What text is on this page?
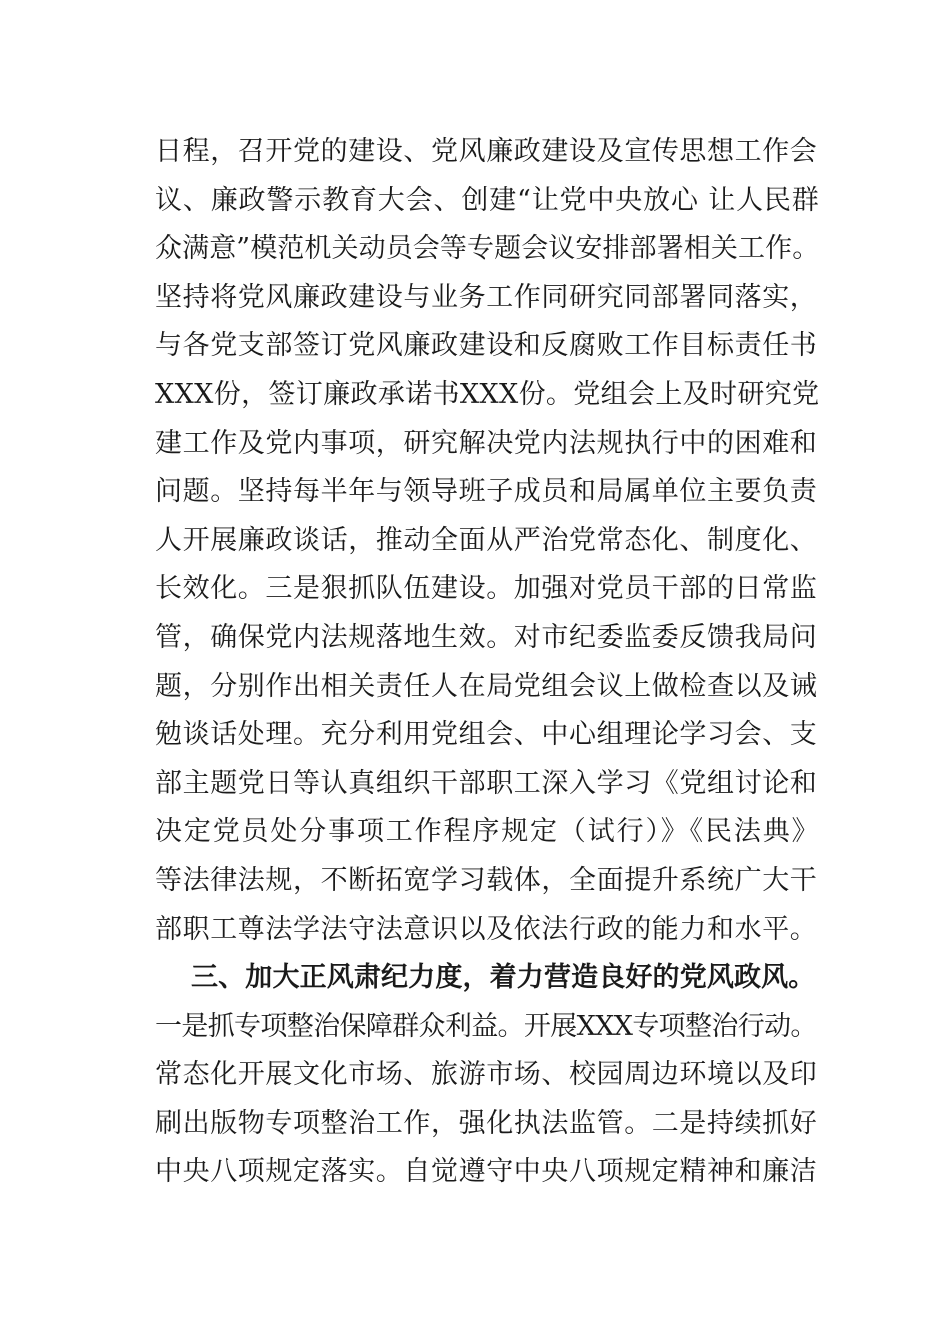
日程，召开党的建设、党风廉政建设及宣传思想工作会
议、廉政警示教育大会、创建“让党中央放心 让人民群
众满意”模范机关动员会等专题会议安排部署相关工作。
坚持将党风廉政建设与业务工作同研究同部署同落实，
与各党支部签订党风廉政建设和反腐败工作目标责任书
XXX份，签订廉政承诺书XXX份。党组会上及时研究党
建工作及党内事项，研究解决党内法规执行中的困难和
问题。坚持每半年与领导班子成员和局属单位主要负责
人开展廉政谈话，推动全面从严治党常态化、制度化、
长效化。三是狠抓队伍建设。加强对党员干部的日常监
管，确保党内法规落地生效。对市纪委监委反馈我局问
题，分别作出相关责任人在局党组会议上做检查以及诫
勉谈话处理。充分利用党组会、中心组理论学习会、支
部主题党日等认真组织干部职工深入学习《党组讨论和
决定党员处分事项工作程序规定（试行）》《民法典》
等法律法规，不断拓宽学习载体，全面提升系统广大干
部职工尊法学法守法意识以及依法行政的能力和水平。
三、加大正风肃纪力度，着力营造良好的党风政风。
一是抓专项整治保障群众利益。开展XXX专项整治行动。
常态化开展文化市场、旅游市场、校园周边环境以及印
刷出版物专项整治工作，强化执法监管。二是持续抓好
中央八项规定落实。自觉遵守中央八项规定精神和廉洁
